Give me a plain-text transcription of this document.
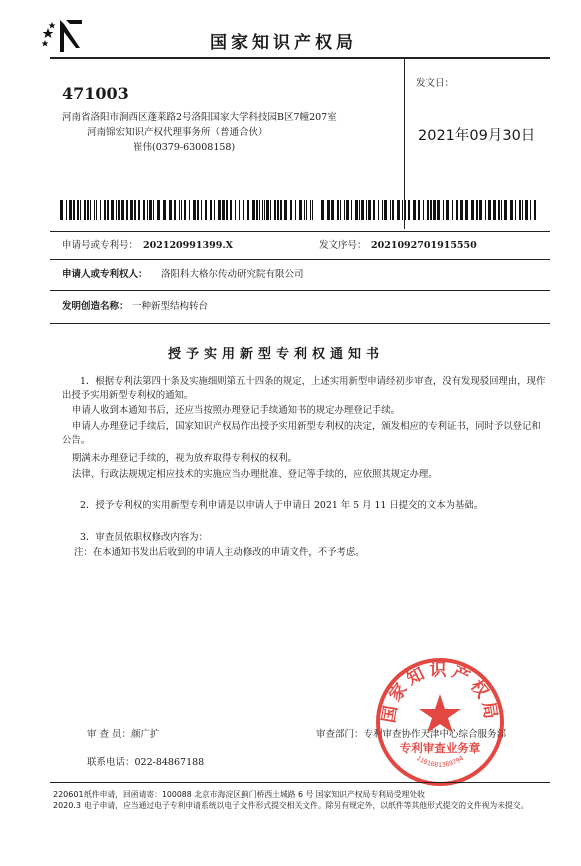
国家知识产权局
471003
河南省洛阳市涧西区蓬莱路2号洛阳国家大学科技园B区7幢207室
河南锦宏知识产权代理事务所（普通合伙）
崔伟(0379-63008158)
发文日：
2021年09月30日
申请号或专利号： 202120991399.X	发文序号： 2021092701915550
申请人或专利权人： 洛阳科大格尔传动研究院有限公司
发明创造名称： 一种新型结构转台
授予实用新型专利权通知书
1．根据专利法第四十条及实施细则第五十四条的规定，上述实用新型申请经初步审查，没有发现驳回理由，现作出授予实用新型专利权的通知。
申请人收到本通知书后，还应当按照办理登记手续通知书的规定办理登记手续。
申请人办理登记手续后，国家知识产权局作出授予实用新型专利权的决定，颁发相应的专利证书，同时予以登记和公告。
期满未办理登记手续的，视为放弃取得专利权的权利。
法律、行政法规规定相应技术的实施应当办理批准、登记等手续的，应依照其规定办理。
2．授予专利权的实用新型专利申请是以申请人于申请日 2021 年 5 月 11 日提交的文本为基础。
3．审查员依职权修改内容为：
注：在本通知书发出后收到的申请人主动修改的申请文件，不予考虑。
审 查 员：颜广扩	审查部门：专利审查协作天津中心综合服务部
联系电话：022-84867188
国家知识产权局
专利审查业务章
1101081389794
220601
2020.3
纸件申请，回函请寄：100088 北京市海淀区蓟门桥西土城路 6 号 国家知识产权局专利局受理处收
电子申请，应当通过电子专利申请系统以电子文件形式提交相关文件。除另有规定外，以纸件等其他形式提交的文件视为未提交。
